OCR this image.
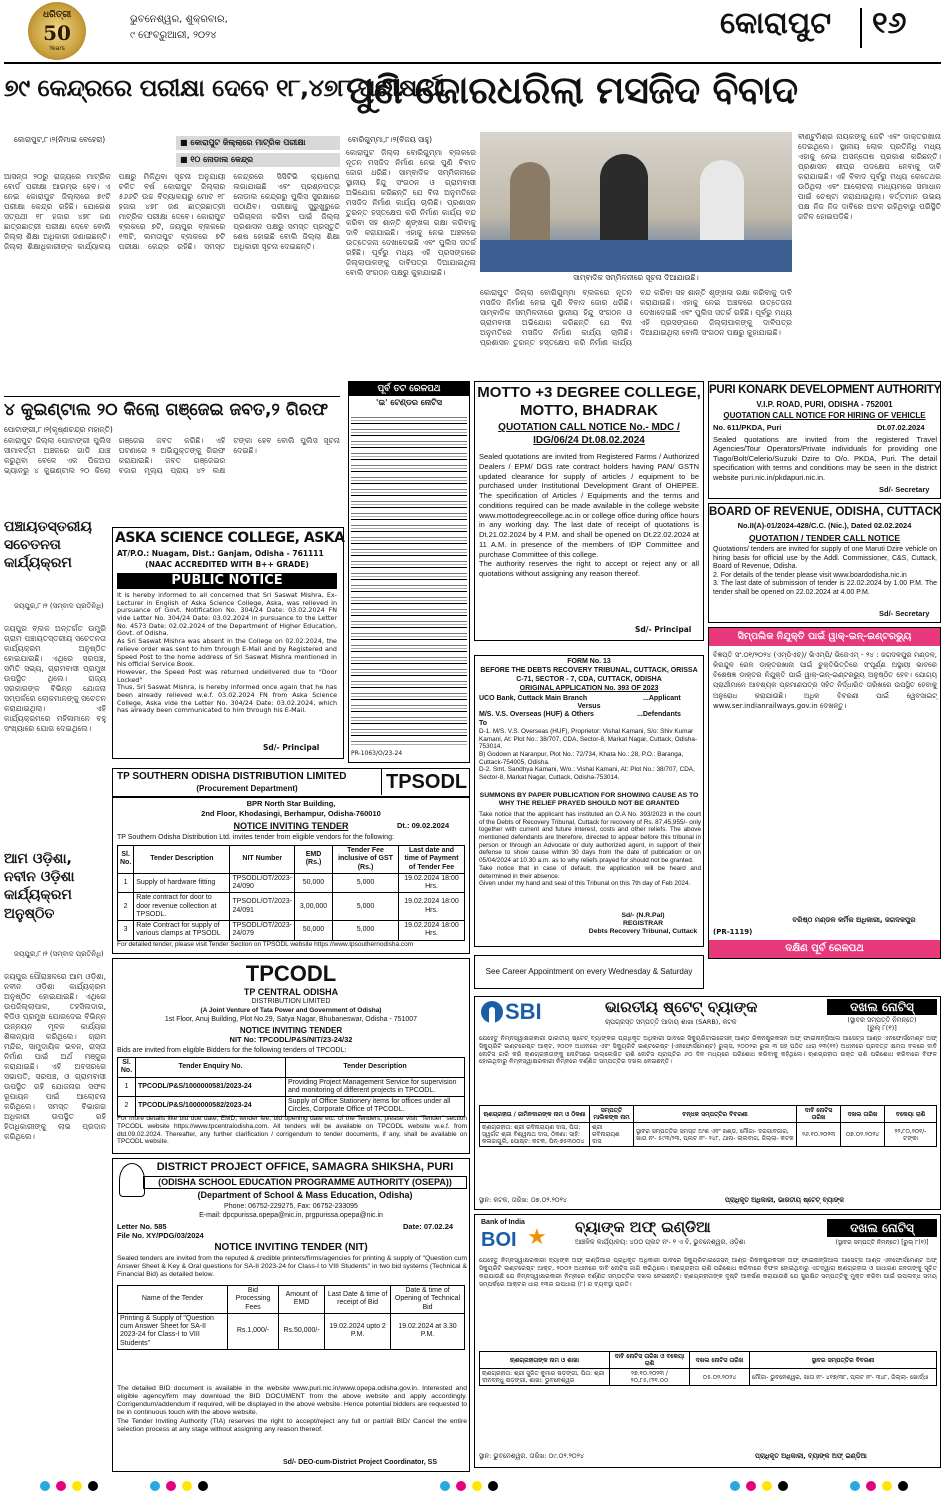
ଧରିତ୍ରୀ
50
Years
ଭୁବନେଶ୍ୱର, ଶୁକ୍ରବାର,
୯ ଫେବ୍ରୁଆରୀ, ୨୦୨୪	କୋରାପୁଟ ୧୬
୭୯ କେନ୍ଦ୍ରରେ ପରୀକ୍ଷା ଦେବେ ୧୮,୪୭୮ ପରୀକ୍ଷାର୍ଥୀ
କୋରାପୁଟ,୮।୨(ନିମାଇ ବେହେରା)	■ କୋରାପୁଟ ଜିଲ୍ଲାରେ ମାଟ୍ରିକ ପରୀକ୍ଷା
■ ୧୦ ନୋଡାଲ କେନ୍ଦ୍ର
ଆସନ୍ତା ୨୦ରୁ ରାଜ୍ୟରେ ମାଟ୍ରିକ ବୋର୍ଡ ପରୀକ୍ଷା ଆରମ୍ଭ ହେବ। ଏ ନେଇ କୋରାପୁଟ ଜିଲ୍ଲାରେ ୭୯ଟି ପରୀକ୍ଷା କେନ୍ଦ୍ର ରହିଛି। ଯୋଗେଶ ସତ୍ପଥୀ ୧୮ ହଜାର ୪୭୮ ଜଣ ଛାତ୍ରଛାତ୍ରୀ ପରୀକ୍ଷା ଦେବେ ବୋଲି ଜିଲ୍ଲା ଶିକ୍ଷା ଅଧିକାରୀ ଜଣାଇଛନ୍ତି। ଜିଲ୍ଲା ଶିକ୍ଷାଧିକାରୀଙ୍କ କାର୍ଯ୍ୟାଳୟ ପକ୍ଷରୁ ମିଳିଥିବା ସୂଚନା ଅନୁଯାୟୀ ଚଳିତ ବର୍ଷ କୋରାପୁଟ ଜିଲ୍ଲାର ୫୬୬ଟି ଉଚ୍ଚ ବିଦ୍ୟାଳୟରୁ ମୋଟ ୧୮ ହଜାର ୪୭୮ ଜଣ ଛାତ୍ରଛାତ୍ରୀ ମାଟ୍ରିକ ପରୀକ୍ଷା ଦେବେ। କୋରାପୁଟ ବ୍ଲକରେ ୭ଟି, ଜୟପୁର ବ୍ଲକରେ ୧୩ଟି, ଲମତାପୁଟ ବ୍ଲକରେ ୭ଟି ପରୀକ୍ଷା କେନ୍ଦ୍ର ରହିଛି। ସମସ୍ତ କେନ୍ଦ୍ରରେ ସିସିଟିଭି କ୍ୟାମେରା ଲଗାଯାଇଛି ଏବଂ ପ୍ରଶ୍ନପତ୍ର ନୋଡାଲ କେନ୍ଦ୍ରରୁ ପୁଲିସ ସୁରକ୍ଷାରେ ପଠାଯିବ। ପରୀକ୍ଷାକୁ ସୁରୁଖୁରୁରେ ପରିଚାଳନା କରିବା ପାଇଁ ଜିଲ୍ଲା ପ୍ରଶାସନ ପକ୍ଷରୁ ସମସ୍ତ ପ୍ରସ୍ତୁତି ଶେଷ ହୋଇଛି ବୋଲି ଜିଲ୍ଲା ଶିକ୍ଷା ଅଧିକାରୀ ସୂଚନା ଦେଇଛନ୍ତି।
ପୁଣି ଜୋରଧରିଲା ମସଜିଦ ବିବାଦ
ବୋରିଗୁମ୍ମା,୮।୨(ବିଜୟ ସାହୁ)
କୋରାପୁଟ ଜିଲ୍ଲା ବୋରିଗୁମ୍ମା ବ୍ଲକରେ ନୂତନ ମସଜିଦ ନିର୍ମାଣ ନେଇ ପୁଣି ବିବାଦ ଜୋର ଧରିଛି। ସାମ୍ବାଦିକ ସମ୍ମିଳନୀରେ ସ୍ଥାନୀୟ ହିନ୍ଦୁ ସଂଗଠନ ଓ ଗ୍ରାମବାସୀ ଅଭିଯୋଗ କରିଛନ୍ତି ଯେ ବିନା ଅନୁମତିରେ ମସଜିଦ ନିର୍ମାଣ କାର୍ଯ୍ୟ ଚାଲିଛି। ପ୍ରଶାସନ ତୁରନ୍ତ ହସ୍ତକ୍ଷେପ କରି ନିର୍ମାଣ କାର୍ଯ୍ୟ ବନ୍ଦ କରିବା ସହ ଶାନ୍ତି ଶୃଙ୍ଖଳା ରକ୍ଷା କରିବାକୁ ଦାବି କରାଯାଇଛି। ଏହାକୁ ନେଇ ଅଞ୍ଚଳରେ ଉତ୍ତେଜନା ଦେଖାଦେଇଛି ଏବଂ ପୁଲିସ ସତର୍କ ରହିଛି। ପୂର୍ବରୁ ମଧ୍ୟ ଏହି ପ୍ରସଙ୍ଗରେ ଜିଲ୍ଲାପାଳଙ୍କୁ ଦାବିପତ୍ର ଦିଆଯାଇଥିଲା ବୋଲି ସଂଗଠନ ପକ୍ଷରୁ କୁହାଯାଇଛି।
ସାମ୍ବାଦିକ ସମ୍ମିଳନୀରେ ସୂଚନା ଦିଆଯାଉଛି।
କୋରାପୁଟ ଜିଲ୍ଲା ବୋରିଗୁମ୍ମା ବ୍ଲକରେ ନୂତନ ମସଜିଦ ନିର୍ମାଣ ନେଇ ପୁଣି ବିବାଦ ଜୋର ଧରିଛି। ସାମ୍ବାଦିକ ସମ୍ମିଳନୀରେ ସ୍ଥାନୀୟ ହିନ୍ଦୁ ସଂଗଠନ ଓ ଗ୍ରାମବାସୀ ଅଭିଯୋଗ କରିଛନ୍ତି ଯେ ବିନା ଅନୁମତିରେ ମସଜିଦ ନିର୍ମାଣ କାର୍ଯ୍ୟ ଚାଲିଛି। ପ୍ରଶାସନ ତୁରନ୍ତ ହସ୍ତକ୍ଷେପ କରି ନିର୍ମାଣ କାର୍ଯ୍ୟ ବନ୍ଦ କରିବା ସହ ଶାନ୍ତି ଶୃଙ୍ଖଳା ରକ୍ଷା କରିବାକୁ ଦାବି କରାଯାଇଛି। ଏହାକୁ ନେଇ ଅଞ୍ଚଳରେ ଉତ୍ତେଜନା ଦେଖାଦେଇଛି ଏବଂ ପୁଲିସ ସତର୍କ ରହିଛି। ପୂର୍ବରୁ ମଧ୍ୟ ଏହି ପ୍ରସଙ୍ଗରେ ଜିଲ୍ଲାପାଳଙ୍କୁ ଦାବିପତ୍ର ଦିଆଯାଇଥିଲା ବୋଲି ସଂଗଠନ ପକ୍ଷରୁ କୁହାଯାଇଛି।
ବୀଣ୍ଟୁମିଶ୍ର ନାୟକଙ୍କୁ ଜେଟି ଏବଂ ଡାକ୍ତରଖାନା ଦେଇଥିଲେ। ସ୍ଥାନୀୟ ଲୋକ ପ୍ରତିନିଧି ମଧ୍ୟ ଏହାକୁ ନେଇ ଅସନ୍ତୋଷ ପ୍ରକାଶ କରିଛନ୍ତି। ପ୍ରଶାସନ ଶୀଘ୍ର ପଦକ୍ଷେପ ନେବାକୁ ଦାବି କରାଯାଇଛି। ଏହି ବିବାଦ ପୂର୍ବରୁ ମଧ୍ୟ କେତେଥର ଉଠିଥିଲା ଏବଂ ଆଲୋଚନା ମାଧ୍ୟମରେ ସମାଧାନ ପାଇଁ ଚେଷ୍ଟା କରାଯାଇଥିଲା। ବର୍ତ୍ତମାନ ଉଭୟ ପକ୍ଷ ନିଜ ନିଜ ଦାବିରେ ଅଟଳ ରହିଥିବାରୁ ପରିସ୍ଥିତି ଜଟିଳ ହୋଇପଡ଼ିଛି।
୪ କୁଇଣ୍ଟାଲ ୨୦ କିଲୋ ଗଞ୍ଜେଇ ଜବତ,୨ ଗିରଫ
ପୋଟାଙ୍ଗୀ,୮।୨(କୃଷ୍ଣଚନ୍ଦ୍ର ମହାନ୍ତି)
କୋରାପୁଟ ଜିଲ୍ଲା ପୋଟାଙ୍ଗୀ ପୁଲିସ ସୀମାବର୍ତ୍ତୀ ଅଞ୍ଚଳରେ ଗାଡି ଯାଞ୍ଚ କରୁଥିବା ବେଳେ ଏକ ପିକଅପ ଭ୍ୟାନରୁ ୪ କୁଇଣ୍ଟାଲ ୨୦ କିଲୋ ଗଞ୍ଜେଇ ଜବତ କରିଛି। ଏହି ଘଟଣାରେ ୨ ଅଭିଯୁକ୍ତଙ୍କୁ ଗିରଫ କରାଯାଇଛି। ଜବତ ଗଞ୍ଜେଇର ବଜାର ମୂଲ୍ୟ ପ୍ରାୟ ୪୨ ଲକ୍ଷ ଟଙ୍କା ହେବ ବୋଲି ପୁଲିସ ସୂଚନା ଦେଇଛି।
ପଞ୍ଚାୟତସ୍ତରୀୟ ସଚେତନତା କାର୍ଯ୍ୟକ୍ରମ
ଜୟପୁର,୮।୨ (ସମ୍ବାଦ ପ୍ରତିନିଧି)
ଜୟପୁର ବ୍ଲକ ଅନ୍ତର୍ଗତ ଉମୁରି ଗ୍ରାମ ପଞ୍ଚାୟତସ୍ତରୀୟ ସଚେତନତା କାର୍ଯ୍ୟକ୍ରମ ଅନୁଷ୍ଠିତ ହୋଇଯାଇଛି। ଏଥିରେ ସରପଞ୍ଚ, ସମିତି ସଭ୍ୟ, ଗ୍ରାମବାସୀ ପ୍ରମୁଖ ଉପସ୍ଥିତ ଥିଲେ। ରାଜ୍ୟ ସରକାରଙ୍କ ବିଭିନ୍ନ ଯୋଜନା ସମ୍ପର୍କରେ ଲୋକମାନଙ୍କୁ ସଚେତନ କରାଯାଇଥିଲା। ଏହି କାର୍ଯ୍ୟକ୍ରମରେ ମହିଳାମାନେ ବହୁ ସଂଖ୍ୟାରେ ଯୋଗ ଦେଇଥିଲେ।
ଆମ ଓଡ଼ିଶା, ନବୀନ ଓଡ଼ିଶା କାର୍ଯ୍ୟକ୍ରମ ଅନୁଷ୍ଠିତ
ଜୟପୁର,୮।୨ (ସମ୍ବାଦ ପ୍ରତିନିଧି)
ଜୟପୁର ପୌରାଞ୍ଚଳରେ ଆମ ଓଡ଼ିଶା, ନବୀନ ଓଡ଼ିଶା କାର୍ଯ୍ୟକ୍ରମ ଅନୁଷ୍ଠିତ ହୋଇଯାଇଛି। ଏଥିରେ ଉପଜିଲ୍ଲାପାଳ, ତହସିଲଦାର, ବିଡିଓ ପ୍ରମୁଖ ଯୋଗଦେଇ ବିଭିନ୍ନ ଉନ୍ନୟନ ମୂଳକ କାର୍ଯ୍ୟର ଶିଳାନ୍ୟାସ କରିଥିଲେ। ଗ୍ରାମ ମନ୍ଦିର, ସାମୁଦାୟିକ ଭବନ, ରାସ୍ତା ନିର୍ମାଣ ପାଇଁ ଅର୍ଥ ମଞ୍ଜୁର କରାଯାଇଛି। ଏହି ଅବସରରେ ସଭାପତି, ସରପଞ୍ଚ, ଓ ଗ୍ରାମବାସୀ ଉପସ୍ଥିତ ରହି ଯୋଜନାର ସଫଳ ରୂପାୟନ ପାଇଁ ଆଲୋଚନା କରିଥିଲେ। ସମସ୍ତ ବିଭାଗର ଅଧିକାରୀ ଉପସ୍ଥିତ ରହି ହିତାଧିକାରୀଙ୍କୁ ଲାଭ ପ୍ରଦାନ କରିଥିଲେ।
ASKA SCIENCE COLLEGE, ASKA
AT/P.O.: Nuagam, Dist.: Ganjam, Odisha - 761111
(NAAC ACCREDITED WITH B++ GRADE)
PUBLIC NOTICE
It is hereby informed to all concerned that Sri Saswat Mishra, Ex-Lecturer in English of Aska Science College, Aska, was relieved in pursuance of Govt. Notification No. 304/24 Date: 03.02.2024 FN vide Letter No. 304/24 Date: 03.02.2024 in pursuance to the Letter No. 4573 Date: 02.02.2024 of the Department of Higher Education, Govt. of Odisha.
As Sri Saswat Mishra was absent in the College on 02.02.2024, the relieve order was sent to him through E-Mail and by Registered and Speed Post to the home address of Sri Saswat Mishra mentioned in his official Service Book.
However, the Speed Post was returned undelivered due to "Door Locked"
Thus, Sri Saswat Mishra, is hereby informed once again that he has been already relieved w.e.f. 03.02.2024 FN from Aska Science College, Aska vide the Letter No. 304/24 Date: 03.02.2024, which has already been communicated to him through his E-Mail.
Sd/- Principal
ପୂର୍ବ ତଟ ରେଳପଥ
'ଇ' ଟେଣ୍ଡର ନୋଟିସ
PR-1063/O/23-24
MOTTO +3 DEGREE COLLEGE,
MOTTO, BHADRAK
QUOTATION CALL NOTICE No.- MDC / IDG/06/24 Dt.08.02.2024
Sealed quotations are invited from Registered Farms / Authorized Dealers / EPM/ DGS rate contract holders having PAN/ GSTN updated clearance for supply of articles / equipment to be purchased under Institutional Development Grant of OHEPEE. The specification of Articles / Equipments and the terms and conditions required can be made available in the college website www.mottodegreecollege.ac.in or college office during office hours in any working day. The last date of receipt of quotations is Dt.21.02.2024 by 4 P.M. and shall be opened on Dt.22.02.2024 at 11 A.M. in presence of the members of IDP Committee and purchase Committee of this college.
The authority reserves the right to accept or reject any or all quotations without assigning any reason thereof.
Sd/- Principal
FORM No. 13
BEFORE THE DEBTS RECOVERY TRIBUNAL, CUTTACK, ORISSA
C-71, SECTOR - 7, CDA, CUTTACK, ODISHA
ORIGINAL APPLICATION No. 393 OF 2023
UCO Bank, Cuttack Main Branch	...Applicant
Versus
M/S. V.S. Overseas (HUF) & Others	...Defendants
To
D-1. M/S. V.S. Overseas (HUF), Proprietor: Vishal Kamani, S/o: Shiv Kumar Kamani, At: Plot No.: 38/707, CDA, Sector-8, Markat Nagar, Cuttack, Odisha-753014.
B) Godown at Naranpur, Plot No.: 72/734, Khata No.: 28, P.O.: Baranga, Cuttack-754005, Odisha.
D-2. Smt. Sandhya Kamani, W/o.: Vishal Kamani, At: Plot No.: 38/707, CDA, Sector-8, Markat Nagar, Cuttack, Odisha-753014.
SUMMONS BY PAPER PUBLICATION FOR SHOWING CAUSE AS TO WHY THE RELIEF PRAYED SHOULD NOT BE GRANTED
Take notice that the applicant has instituted an O.A No. 393/2023 in the court of the Debts of Recovery Tribunal, Cuttack for recovery of Rs. 87,45,955/- only together with current and future interest, costs and other reliefs. The above mentioned defendants are therefore, directed to appear before this tribunal in person or through an Advocate or duly authorized agent, in support of their defense to show cause within 30 days from the date of publication or on 05/04/2024 at 10.30 a.m. as to why reliefs prayed for should not be granted.
Take notice that in case of default, the application will be heard and determined in their absence.
Given under my hand and seal of this Tribunal on this 7th day of Feb 2024.
Sd/- (N.R.Pal)
REGISTRAR
Debts Recovery Tribunal, Cuttack
PURI KONARK DEVELOPMENT AUTHORITY
V.I.P. ROAD, PURI, ODISHA - 752001
QUOTATION CALL NOTICE FOR HIRING OF VEHICLE
No. 611/PKDA, Puri	Dt.07.02.2024
Sealed quotations are invited from the registered Travel Agencies/Tour Operators/Private individuals for providing one Tiago/Bolt/Celerio/Suzuki Dzire to O/o. PKDA, Puri. The detail specification with terms and conditions may be seen in the district website puri.nic.in/pkdapuri.nic.in.
Sd/- Secretary
BOARD OF REVENUE, ODISHA, CUTTACK
No.II(A)-01/2024-428/C.C. (Nic.), Dated 02.02.2024
QUOTATION / TENDER CALL NOTICE
Quotations/ tenders are invited for supply of one Maruti Dzire vehicle on hiring basis for official use by the Addl. Commissioner, C&S, Cuttack, Board of Revenue, Odisha.
2. For details of the tender please visit www.boardodisha.nic.in
3. The last date of submission of tender is 22.02.2024 by 1.00 P.M. The tender shall be opened on 22.02.2024 at 4.00 P.M.
Sd/- Secretary
ସିମ୍ପଲିକ ନିଯୁକ୍ତି ପାଇଁ ୱାକ୍-ଇନ୍-ଇଣ୍ଟରଭ୍ୟୁ
ବିଜ୍ଞପ୍ତି ସଂ.୦୧/୨୦୨୪ (ଏମ୍‌ଡିଏଚ୍)/ ଭିଏମ୍‌ପି/ ଭିଜେଏମ୍ - ୨୪ : ଜଗଦଳପୁର ମଣ୍ଡଳ, କିରନ୍ଦୁଳ ରେଳ ଡାକ୍ତରଖାନା ପାଇଁ ଚୁକ୍ତିଭିତ୍ତିରେ ସଂପୂର୍ଣ୍ଣ ଅସ୍ଥାୟୀ ଭାବରେ ବିଶେଷଜ୍ଞ ଡାକ୍ତର ନିଯୁକ୍ତି ପାଇଁ ୱାକ୍-ଇନ୍-ଇଣ୍ଟରଭ୍ୟୁ ଅନୁଷ୍ଠିତ ହେବ। ଯୋଗ୍ୟ ପ୍ରାର୍ଥୀମାନେ ଆବଶ୍ୟକ ପ୍ରମାଣପତ୍ର ସହିତ ନିର୍ଦ୍ଧାରିତ ତାରିଖରେ ଉପସ୍ଥିତ ହେବାକୁ ଅନୁରୋଧ କରାଯାଉଛି। ଅଧିକ ବିବରଣୀ ପାଇଁ ୱେବସାଇଟ୍ www.ser.indianrailways.gov.in ଦେଖନ୍ତୁ।
ବରିଷ୍ଠ ମଣ୍ଡଳ କର୍ମିକ ଅଧିକାରୀ, ଜଗଦଳପୁର
(PR-1119)
ଦକ୍ଷିଣ ପୂର୍ବ ରେଳପଥ
TP SOUTHERN ODISHA DISTRIBUTION LIMITED
(Procurement Department)	TPSODL
BPR North Star Building,
2nd Floor, Khodasingi, Berhampur, Odisha-760010
NOTICE INVITING TENDER	Dt.: 09.02.2024
TP Southern Odisha Distribution Ltd. invites tender from eligible vendors for the following:
Sl. No.	Tender Description	NIT Number	EMD (Rs.)	Tender Fee inclusive of GST (Rs.)	Last date and time of Payment of Tender Fee
1	Supply of hardware fitting	TPSODL/OT/2023-24/090	50,000	5,000	19.02.2024 18:00 Hrs.
2	Rate contract for door to door revenue collection at TPSODL.	TPSODL/OT/2023-24/091	3,00,000	5,000	19.02.2024 18:00 Hrs.
3	Rate Contract for supply of various clamps at TPSODL	TPSODL/OT/2023-24/079	50,000	5,000	19.02.2024 18:00 Hrs.
For detailed tender, please visit Tender Section on TPSODL website https://www.tpsouthernodisha.com
TPCODL
TP CENTRAL ODISHA
DISTRIBUTION LIMITED
(A Joint Venture of Tata Power and Government of Odisha)
1st Floor, Anuj Building, Plot No.29, Satya Nagar, Bhubaneswar, Odisha - 751007
NOTICE INVITING TENDER
NIT No: TPCODL/P&S/NIT/23-24/32
Bids are invited from eligible Bidders for the following tenders of TPCODL:
Sl. No.	Tender Enquiry No.	Tender Description
1	TPCODL/P&S/1000000581/2023-24	Providing Project Management Service for supervision and monitoring of different projects in TPCODL.
2	TPCODL/P&S/1000000582/2023-24	Supply of Office Stationery items for offices under all Circles, Corporate Office of TPCODL.
For more details like bid due date, EMD, tender fee, bid opening date etc. of the Tenders, please visit "Tender" section TPCODL website https://www.tpcentralodisha.com. All tenders will be available on TPCODL website w.e.f. from dtd.09.02.2024. Thereafter, any further clarification / corrigendum to tender documents, if any, shall be available on TPCODL website.
DISTRICT PROJECT OFFICE, SAMAGRA SHIKSHA, PURI
(ODISHA SCHOOL EDUCATION PROGRAMME AUTHORITY (OSEPA))
(Department of School & Mass Education, Odisha)
Phone: 06752-229275, Fax: 06752-233095
E-mail: dpcpurissa.opepa@nic.in, prgpurissa.opepa@nic.in
Letter No. 585
File No. XY/PDG/03/2024
Date: 07.02.24
NOTICE INVITING TENDER (NIT)
Sealed tenders are invited from the reputed & credible printers/firms/agencies for printing & supply of "Question cum Answer Sheet & Key & Oral questions for SA-II 2023-24 for Class-I to VIII Students" in two bid systems (Technical & Financial Bid) as detailed below.
Name of the Tender	Bid Processing Fees	Amount of EMD	Last Date & time of receipt of Bid	Date & time of Opening of Technical Bid
Printing & Supply of "Question cum Answer Sheet for SA-II 2023-24 for Class-I to VIII Students"	Rs.1,000/-	Rs.50,000/-	19.02.2024 upto 2 P.M.	19.02.2024 at 3.30 P.M.
The detailed BID document is available in the website www.puri.nic.in/www.opepa.odisha.gov.in. Interested and eligible agency/firm may download the BID DOCUMENT from the above website and apply accordingly. Corrigendum/addendum if required, will be displayed in the above website. Hence potential bidders are requested to be in continuous touch with the above website.
The Tender Inviting Authority (TIA) reserves the right to accept/reject any full or part/all BID/ Cancel the entire selection process at any stage without assigning any reason thereof.
Sd/- DEO-cum-District Project Coordinator, SS
See Career Appointment on every Wednesday & Saturday
SBI	ଭାରତୀୟ ଷ୍ଟେଟ୍ ବ୍ୟାଙ୍କ
ଚାପଗ୍ରସ୍ତ ସମ୍ପତ୍ତି ଆଦାୟ ଶାଖା (SARB), କଟକ
ଦଖଲ ନୋଟିସ୍
(ସ୍ଥାବର ସମ୍ପତ୍ତି ନିମନ୍ତେ)
[ରୁଲ୍ ୮(୧)]
ଯେହେତୁ ନିମ୍ନସ୍ୱାକ୍ଷରକାରୀ ଭାରତୀୟ ଷ୍ଟେଟ୍ ବ୍ୟାଙ୍କର ପ୍ରାଧିକୃତ ଅଧିକାରୀ ଭାବରେ ସିକ୍ୟୁରିଟାଇଜେସନ୍ ଆଣ୍ଡ ରିକନଷ୍ଟ୍ରକସନ ଅଫ୍ ଫାଇନାନ୍ସିଆଲ ଆସେଟ୍ସ ଆଣ୍ଡ ଏନଫୋର୍ସମେଣ୍ଟ ଅଫ୍ ସିକ୍ୟୁରିଟି ଇଣ୍ଟରେଷ୍ଟ ଆକ୍ଟ, ୨୦୦୨ ଅଧୀନରେ ଏବଂ ସିକ୍ୟୁରିଟି ଇଣ୍ଟରେଷ୍ଟ (ଏନଫୋର୍ସମେଣ୍ଟ) ରୁଲ୍ସ, ୨୦୦୨ର ରୁଲ ୩ ସହ ପଠିତ ଧାରା ୧୩(୧୨) ଅଧୀନରେ ପ୍ରଦତ୍ତ କ୍ଷମତା ବଳରେ ଦାବି ନୋଟିସ ଜାରି କରି ଋଣଗ୍ରହୀତାଙ୍କୁ ନୋଟିସରେ ଉଲ୍ଲେଖିତ ରାଶି ନୋଟିସ ପ୍ରାପ୍ତିର ୬୦ ଦିନ ମଧ୍ୟରେ ପରିଶୋଧ କରିବାକୁ କହିଥିଲେ। ଋଣଗ୍ରହୀତା ଉକ୍ତ ରାଶି ପରିଶୋଧ କରିବାରେ ବିଫଳ ହୋଇଥିବାରୁ ନିମ୍ନସ୍ୱାକ୍ଷରକାରୀ ନିମ୍ନରେ ବର୍ଣ୍ଣିତ ସମ୍ପତ୍ତିର ଦଖଲ ନେଇଛନ୍ତି।
ଋଣଗ୍ରହୀତା / ଜାମିନଦାରଙ୍କ ନାମ ଓ ଠିକଣା	ସମ୍ପତ୍ତି ମାଲିକଙ୍କ ନାମ	ବନ୍ଧକ ସମ୍ପତ୍ତିର ବିବରଣୀ	ଦାବି ନୋଟିସ ତାରିଖ	ଦଖଲ ତାରିଖ	ବକେୟା ରାଶି
ଋଣଗ୍ରହୀତା: ଶ୍ରୀ ରବିନାରାୟଣ ଦାସ, ପିତା: ସ୍ୱର୍ଗତ ଶ୍ରୀ ବିଶ୍ୱନାଥ ଦାସ, ଠିକଣା: ସାହି: କଳାଜାଗୁଲି, ପୋଷ୍ଟ: କଟକ, ପିନ୍-୭୫୩୦୦୪	ଶ୍ରୀ ରବିନାରାୟଣ ଦାସ	ସ୍ଥାବର ସମ୍ପତ୍ତିର ସମସ୍ତ ଅଂଶ ଏବଂ ଖଣ୍ଡ, ମୌଜା- ଦରଗାବଜାର, ଖାତା ନଂ- ୫୯୩/୨୩, ପ୍ଲଟ ନଂ- ୨୪୮, ଥାନା- ଲାଲବାଗ, ଜିଲ୍ଲା- କଟକ	୨୬.୧୦.୨୦୨୩	୦୭.୦୨.୨୦୨୪	୨୨,୮୦,୨୦୧/- ଟଙ୍କା
ସ୍ଥାନ: କଟକ, ତାରିଖ: ୦୭.୦୨.୨୦୨୪	ପ୍ରାଧିକୃତ ଅଧିକାରୀ, ଭାରତୀୟ ଷ୍ଟେଟ୍ ବ୍ୟାଙ୍କ
Bank of India
BOI ★ ବ୍ୟାଙ୍କ ଅଫ୍ ଇଣ୍ଡିଆ
ଆଞ୍ଚଳିକ କାର୍ଯ୍ୟାଳୟ: ୪୦୦ ପ୍ଲଟ ନଂ- ୧ ଏ ବି, ଭୁବନେଶ୍ୱର, ଓଡ଼ିଶା
ଦଖଲ ନୋଟିସ୍
(ସ୍ଥାବର ସମ୍ପତ୍ତି ନିମନ୍ତେ) [ରୁଲ୍ ୮(୧)]
ଯେହେତୁ ନିମ୍ନସ୍ୱାକ୍ଷରକାରୀ ବ୍ୟାଙ୍କ ଅଫ୍ ଇଣ୍ଡିଆର ପ୍ରାଧିକୃତ ଅଧିକାରୀ ଭାବରେ ସିକ୍ୟୁରିଟାଇଜେସନ୍ ଆଣ୍ଡ ରିକନଷ୍ଟ୍ରକସନ ଅଫ୍ ଫାଇନାନ୍ସିଆଲ ଆସେଟ୍ସ ଆଣ୍ଡ ଏନଫୋର୍ସମେଣ୍ଟ ଅଫ୍ ସିକ୍ୟୁରିଟି ଇଣ୍ଟରେଷ୍ଟ ଆକ୍ଟ, ୨୦୦୨ ଅଧୀନରେ ଦାବି ନୋଟିସ ଜାରି କରିଥିଲେ। ଋଣଗ୍ରହୀତା ରାଶି ପରିଶୋଧ କରିବାରେ ବିଫଳ ହୋଇଥିବାରୁ ଏତଦ୍ୱାରା ଋଣଗ୍ରହୀତା ଓ ସାଧାରଣ ଜନତାଙ୍କୁ ସୂଚିତ କରାଯାଉଛି ଯେ ନିମ୍ନସ୍ୱାକ୍ଷରକାରୀ ନିମ୍ନରେ ବର୍ଣ୍ଣିତ ସମ୍ପତ୍ତିର ଦଖଲ ନେଇଛନ୍ତି। ଋଣଗ୍ରହୀତାଙ୍କ ଦୃଷ୍ଟି ଆକର୍ଷଣ କରାଯାଉଛି ଯେ ସୁରକ୍ଷିତ ସମ୍ପତ୍ତିକୁ ମୁକ୍ତ କରିବା ପାଇଁ ଉପଲବ୍ଧ ସମୟ ସମ୍ପର୍କରେ ଆକ୍ଟର ଧାରା ୧୩ର ଉପଧାରା (୮) ର ବ୍ୟବସ୍ଥା ପ୍ରତି।
ଋଣଗ୍ରହୀତାଙ୍କ ନାମ ଓ ଶାଖା	ଦାବି ନୋଟିସ ତାରିଖ ଓ ବକେୟା ରାଶି	ଦଖଲ ନୋଟିସ ତାରିଖ	ସ୍ଥାବର ସମ୍ପତ୍ତିର ବିବରଣୀ
ଋଣଗ୍ରହୀତା: ଶ୍ରୀ ସୁଜିତ କୁମାର ଷଡ଼ଙ୍ଗୀ, ପିତା: ଶ୍ରୀ ଦୀନବନ୍ଧୁ ଷଡ଼ଙ୍ଗୀ, ଶାଖା: ଭୁବନେଶ୍ୱର	୨୭.୧୦.୨୦୨୩ / ୨୦,୮୫,୯୨୧.୦୦	୦୫.୦୨.୨୦୨୪	ମୌଜା- ଭୁବନେଶ୍ୱର, ଖାତା ନଂ- ୪୧୭/୩୮, ପ୍ଲଟ ନଂ- ୩୪୮, ଜିଲ୍ଲା- ଖୋର୍ଦ୍ଧା
ସ୍ଥାନ: ଭୁବନେଶ୍ୱର, ତାରିଖ: ୦୯.୦୨.୨୦୨୪	ପ୍ରାଧିକୃତ ଅଧିକାରୀ, ବ୍ୟାଙ୍କ ଅଫ୍ ଇଣ୍ଡିଆ
